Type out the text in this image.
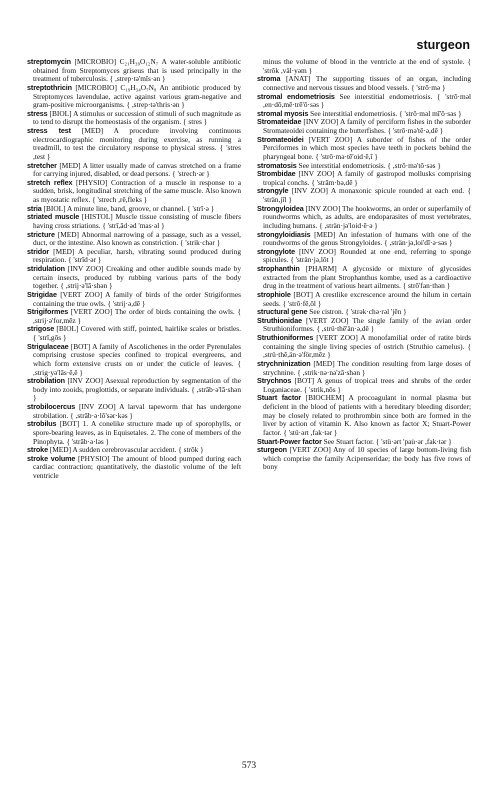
sturgeon

streptomycin [MICROBIO] C₂₁H₃₉O₁₂N₇ A water-soluble antibiotic obtained from Streptomyces griseus that is used principally in the treatment of tuberculosis. { ,strep·tə'mīs·ən }

streptothricin [MICROBIO] C₁₉H₃₄O₇N₈ An antibiotic produced by Streptomyces lavendulae, active against various gram-negative and gram-positive microorganisms. { ,strep·tə'thris·ən }

stress [BIOL] A stimulus or succession of stimuli of such magnitude as to tend to disrupt the homeostasis of the organism. { stres }

stress test [MED] A procedure involving continuous electrocardiographic monitoring during exercise, as running a treadmill, to test the circulatory response to physical stress. { 'stres ,test }

stretcher [MED] A litter usually made of canvas stretched on a frame for carrying injured, disabled, or dead persons. { 'strech·ər }

stretch reflex [PHYSIO] Contraction of a muscle in response to a sudden, brisk, longitudinal stretching of the same muscle. Also known as myostatic reflex. { 'strech ,rē,fleks }

stria [BIOL] A minute line, band, groove, or channel. { 'strī·ə }

striated muscle [HISTOL] Muscle tissue consisting of muscle fibers having cross striations. { 'strī,ād·əd 'mas·əl }

stricture [MED] Abnormal narrowing of a passage, such as a vessel, duct, or the intestine. Also known as constriction. { 'strik·chər }

stridor [MED] A peculiar, harsh, vibrating sound produced during respiration. { 'strīd·ər }

stridulation [INV ZOO] Creaking and other audible sounds made by certain insects, produced by rubbing various parts of the body together. { ,strij·ə'lā·shən }

Strigidae [VERT ZOO] A family of birds of the order Strigiformes containing the true owls. { 'strij·ə,dē }

Strigiformes [VERT ZOO] The order of birds containing the owls. { ,strij·ə'for,mēz }

strigose [BIOL] Covered with stiff, pointed, hairlike scales or bristles. { 'strī,gōs }

Strigulaceae [BOT] A family of Ascolichenes in the order Pyrenulales comprising crustose species confined to tropical evergreens, and which form extensive crusts on or under the cuticle of leaves. { ,strig·yə'lās·ē,ē }

strobilation [INV ZOO] Asexual reproduction by segmentation of the body into zooids, proglottids, or separate individuals. { ,strāb·ə'lā·shən }

strobilocercus [INV ZOO] A larval tapeworm that has undergone strobilation. { ,strāb·ə·lō'sər·kəs }

strobilus [BOT] 1. A conelike structure made up of sporophylls, or spore-bearing leaves, as in Equisetales. 2. The cone of members of the Pinophyta. { 'strāb·ə·ləs }

stroke [MED] A sudden cerebrovascular accident. { strōk }

stroke volume [PHYSIO] The amount of blood pumped during each cardiac contraction; quantitatively, the diastolic volume of the left ventricle

minus the volume of blood in the ventricle at the end of systole. { 'strōk ,väl·yəm }

stroma [ANAT] The supporting tissues of an organ, including connective and nervous tissues and blood vessels. { 'strō·mə }

stromal endometriosis See interstitial endometriosis. { 'strō·məl ,en·dō,mē·trē'ō·səs }

stromal myosis See interstitial endometriosis. { 'strō·məl mī'ō·səs }

Stromateidae [INV ZOO] A family of perciform fishes in the suborder Stromateoidei containing the butterfishes. { 'strō·mə'tē·ə,dē }

Stromateoidei [VERT ZOO] A suborder of fishes of the order Perciformes in which most species have teeth in pockets behind the pharyngeal bone. { 'strō·mə·tē'oid·ē,ī }

stromatosis See interstitial endometriosis. { ,strō·mə'tō·səs }

Strombidae [INV ZOO] A family of gastropod mollusks comprising tropical conchs. { 'strām·bə,dē }

strongyle [INV ZOO] A monaxonic spicule rounded at each end. { 'strän,jīl }

Strongyloidea [INV ZOO] The hookworms, an order or superfamily of roundworms which, as adults, are endoparasites of most vertebrates, including humans. { ,strän·jə'loid·ē·ə }

strongyloidiasis [MED] An infestation of humans with one of the roundworms of the genus Strongyloides. { ,strän·jə,loi'dī·ə·səs }

strongylote [INV ZOO] Rounded at one end, referring to sponge spicules. { 'strän·jə,lōt }

strophanthin [PHARM] A glycoside or mixture of glycosides extracted from the plant Strophanthus kombe, used as a cardioactive drug in the treatment of various heart ailments. { strō'fan·thən }

strophiole [BOT] A crestlike excrescence around the hilum in certain seeds. { 'strō·fē,ōl }

structural gene See cistron. { 'strək·chə·rəl 'jēn }

Struthionidae [VERT ZOO] The single family of the avian order Struthioniformes. { ,strü·thē'än·ə,dē }

Struthioniformes [VERT ZOO] A monofamilial order of ratite birds containing the single living species of ostrich (Struthio camelus). { ,strü·thē,än·ə'för,mēz }

strychninization [MED] The condition resulting from large doses of strychnine. { ,strik·nə·nə'zā·shən }

Strychnos [BOT] A genus of tropical trees and shrubs of the order Loganiaceae. { 'strik,nōs }

Stuart factor [BIOCHEM] A procoagulant in normal plasma but deficient in the blood of patients with a hereditary bleeding disorder; may be closely related to prothrombin since both are formed in the liver by action of vitamin K. Also known as factor X; Stuart-Power factor. { 'stü·ərt ,fak·tər }

Stuart-Power factor See Stuart factor. { 'stü·ərt 'pau̇·ər ,fak·tər }

sturgeon [VERT ZOO] Any of 10 species of large bottom-living fish which comprise the family Acipenseridae; the body has five rows of bony

573
